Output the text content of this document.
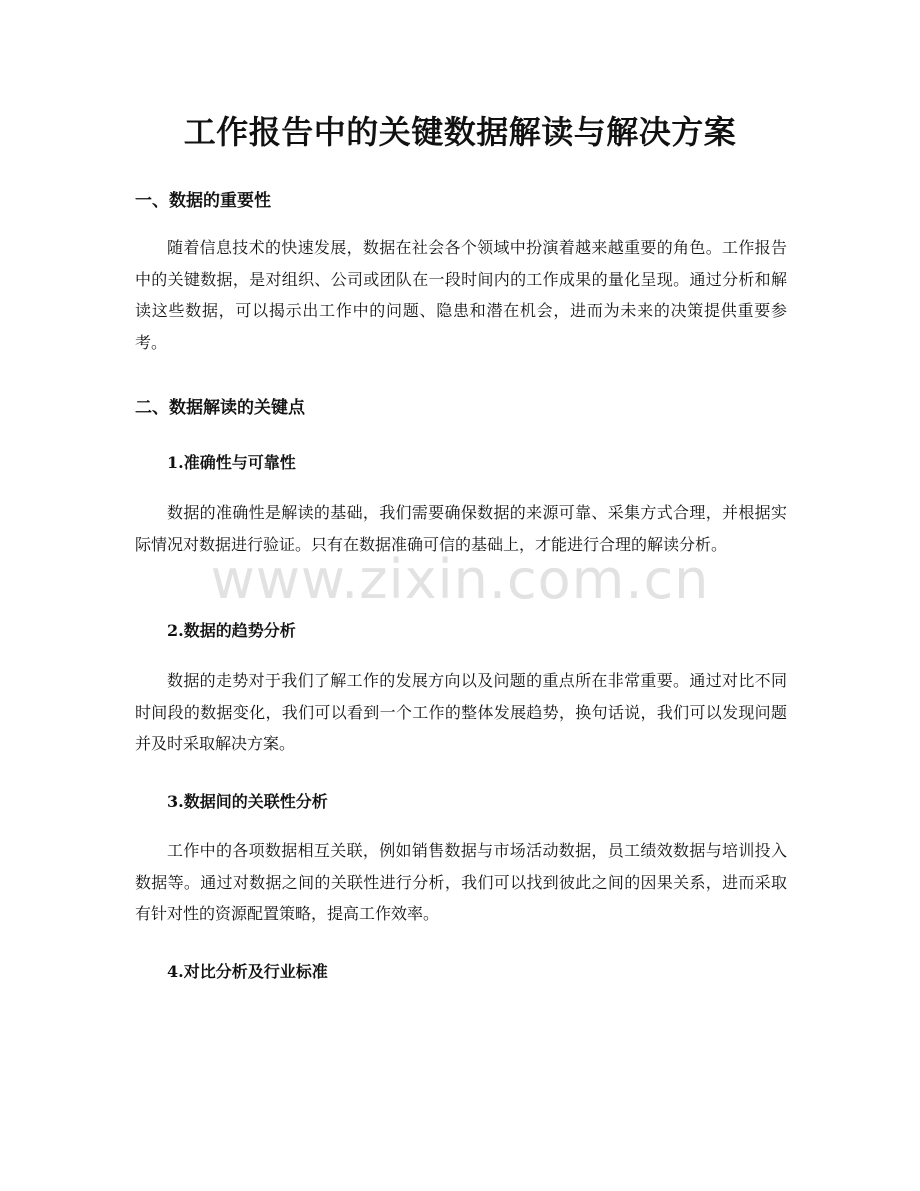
工作报告中的关键数据解读与解决方案
一、数据的重要性

随着信息技术的快速发展，数据在社会各个领域中扮演着越来越重要的角色。工作报告中的关键数据，是对组织、公司或团队在一段时间内的工作成果的量化呈现。通过分析和解读这些数据，可以揭示出工作中的问题、隐患和潜在机会，进而为未来的决策提供重要参考。

二、数据解读的关键点
1.准确性与可靠性

数据的准确性是解读的基础，我们需要确保数据的来源可靠、采集方式合理，并根据实际情况对数据进行验证。只有在数据准确可信的基础上，才能进行合理的解读分析。

2.数据的趋势分析

数据的走势对于我们了解工作的发展方向以及问题的重点所在非常重要。通过对比不同时间段的数据变化，我们可以看到一个工作的整体发展趋势，换句话说，我们可以发现问题并及时采取解决方案。

3.数据间的关联性分析

工作中的各项数据相互关联，例如销售数据与市场活动数据，员工绩效数据与培训投入数据等。通过对数据之间的关联性进行分析，我们可以找到彼此之间的因果关系，进而采取有针对性的资源配置策略，提高工作效率。

4.对比分析及行业标准
www.zixin.com.cn
